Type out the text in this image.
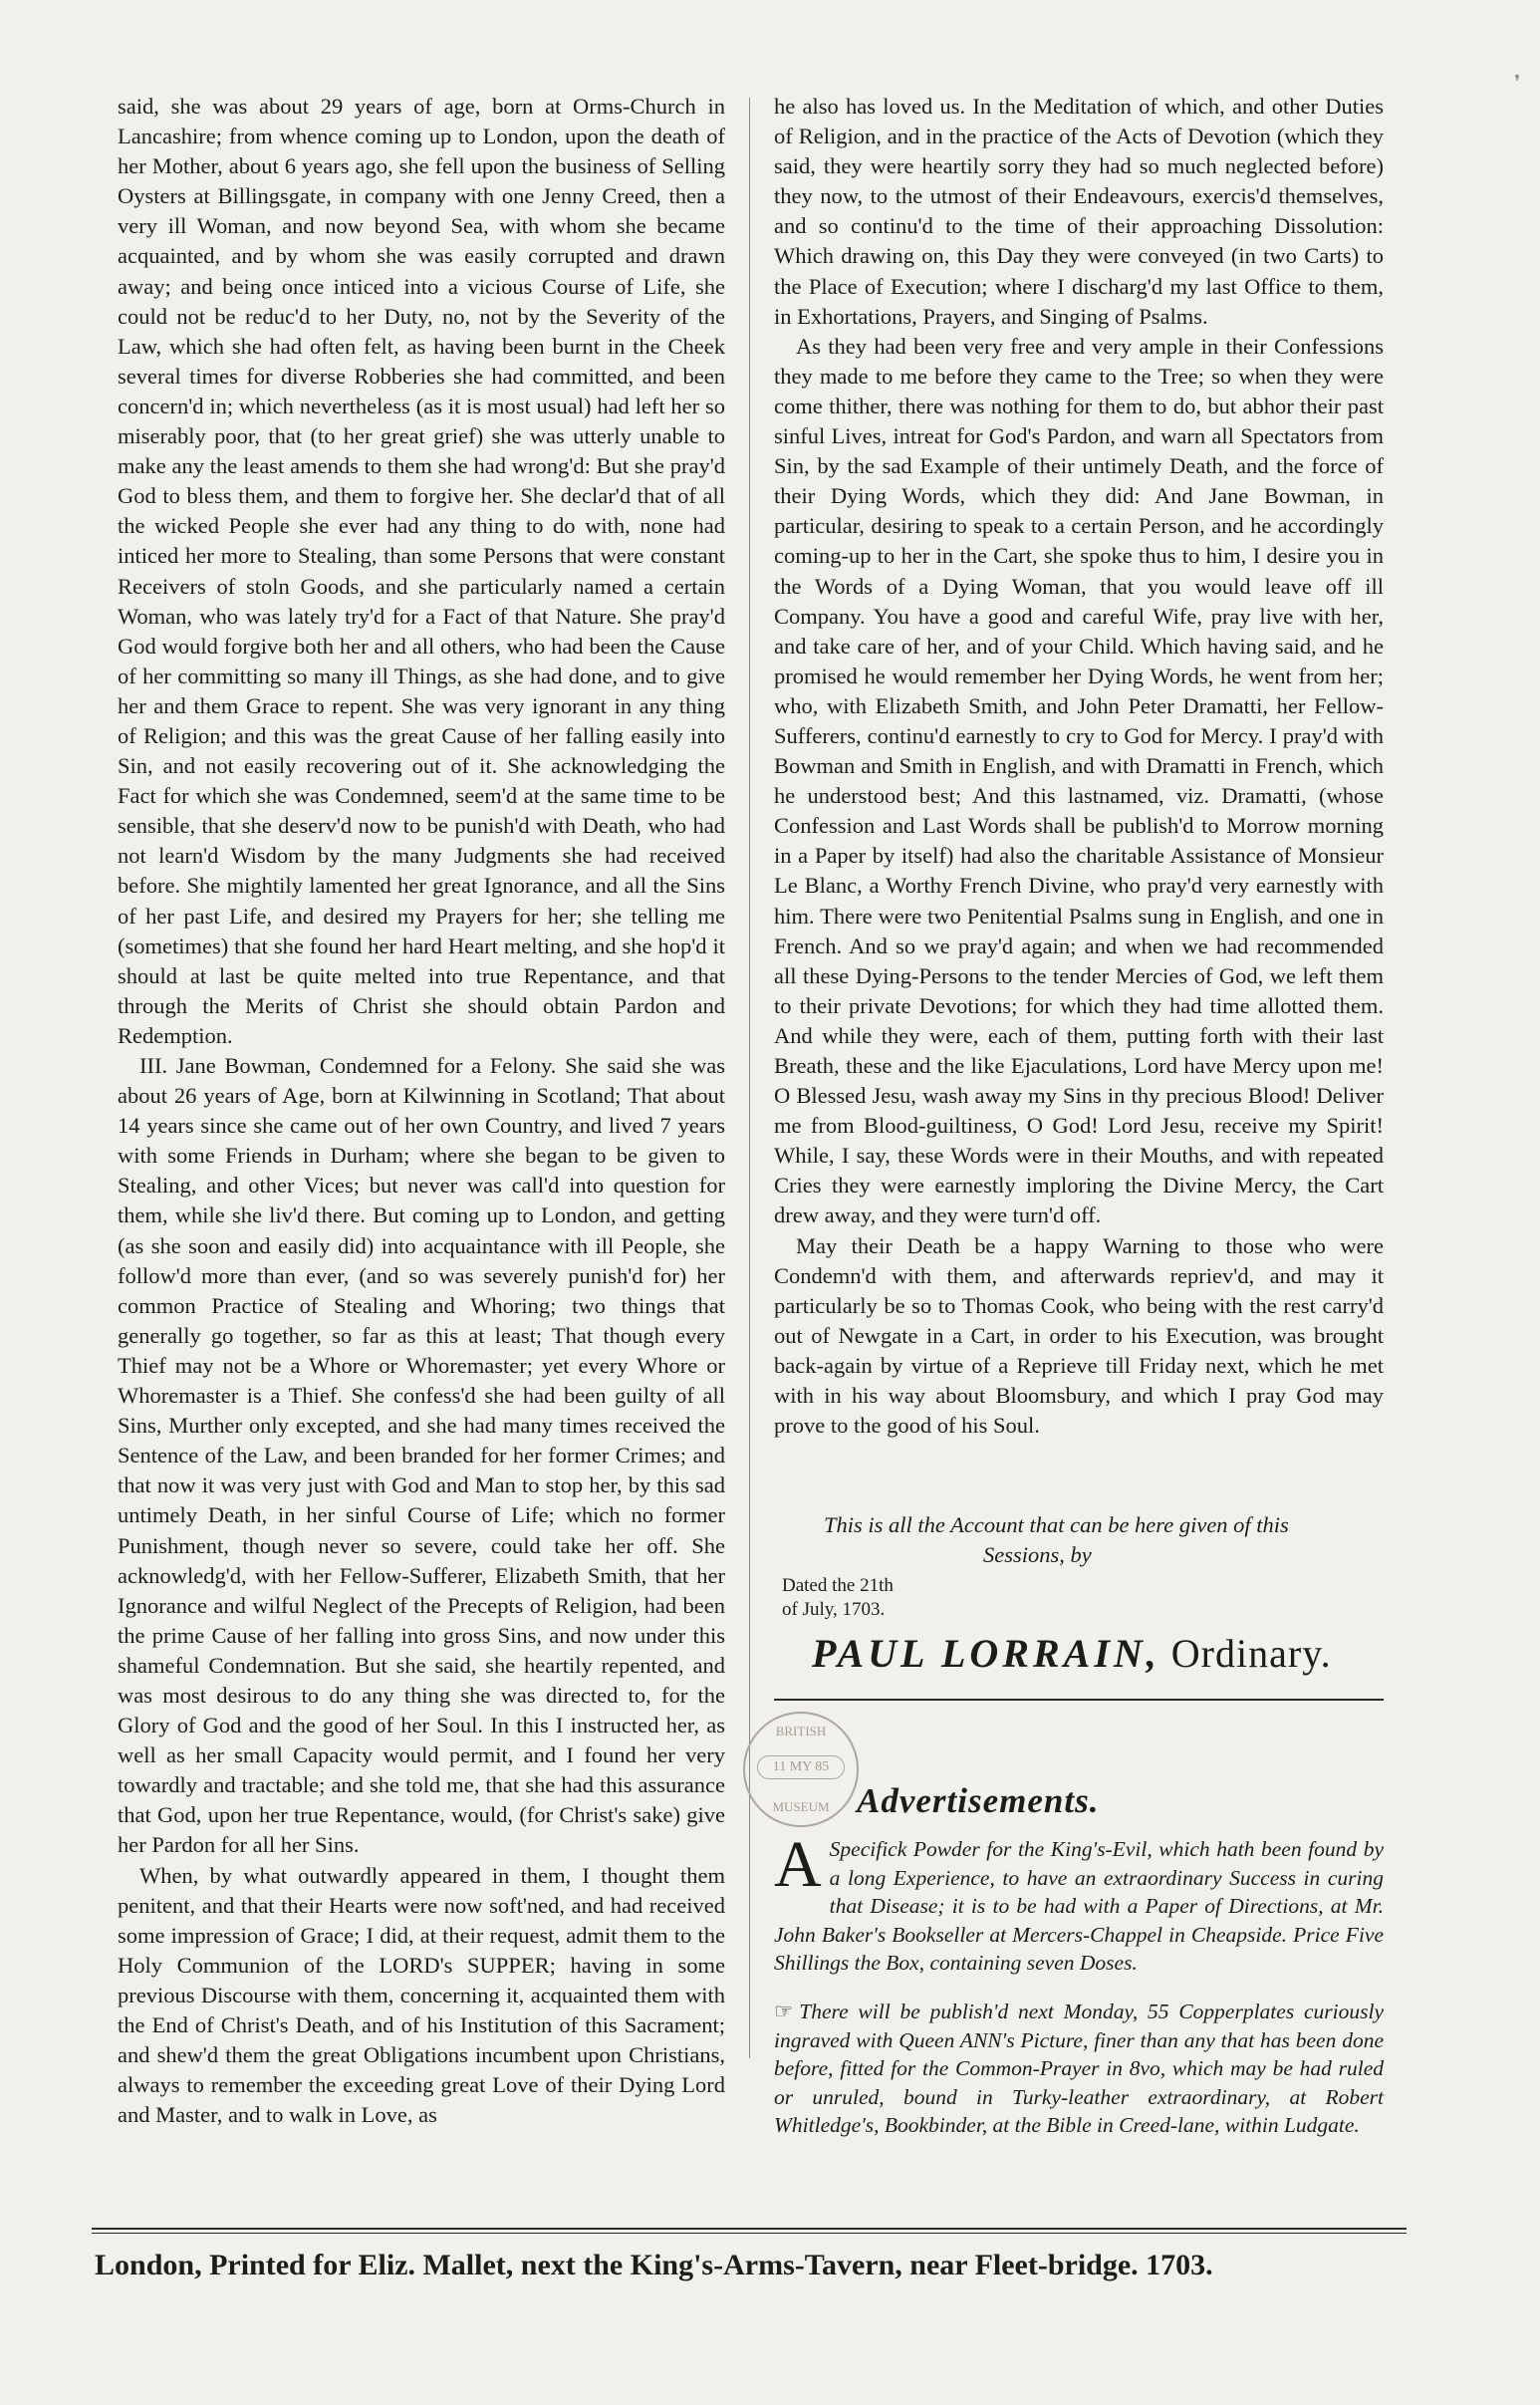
❜

said, she was about 29 years of age, born at Orms-Church in Lancashire; from whence coming up to London, upon the death of her Mother, about 6 years ago, she fell upon the business of Selling Oysters at Billingsgate, in company with one Jenny Creed, then a very ill Woman, and now beyond Sea, with whom she became acquainted, and by whom she was easily corrupted and drawn away; and being once inticed into a vicious Course of Life, she could not be reduc'd to her Duty, no, not by the Severity of the Law, which she had often felt, as having been burnt in the Cheek several times for diverse Robberies she had committed, and been concern'd in; which nevertheless (as it is most usual) had left her so miserably poor, that (to her great grief) she was utterly unable to make any the least amends to them she had wrong'd: But she pray'd God to bless them, and them to forgive her. She declar'd that of all the wicked People she ever had any thing to do with, none had inticed her more to Stealing, than some Persons that were constant Receivers of stoln Goods, and she particularly named a certain Woman, who was lately try'd for a Fact of that Nature. She pray'd God would forgive both her and all others, who had been the Cause of her committing so many ill Things, as she had done, and to give her and them Grace to repent. She was very ignorant in any thing of Religion; and this was the great Cause of her falling easily into Sin, and not easily recovering out of it. She acknowledging the Fact for which she was Condemned, seem'd at the same time to be sensible, that she deserv'd now to be punish'd with Death, who had not learn'd Wisdom by the many Judgments she had received before. She mightily lamented her great Ignorance, and all the Sins of her past Life, and desired my Prayers for her; she telling me (sometimes) that she found her hard Heart melting, and she hop'd it should at last be quite melted into true Repentance, and that through the Merits of Christ she should obtain Pardon and Redemption.

III. Jane Bowman, Condemned for a Felony. She said she was about 26 years of Age, born at Kilwinning in Scotland; That about 14 years since she came out of her own Country, and lived 7 years with some Friends in Durham; where she began to be given to Stealing, and other Vices; but never was call'd into question for them, while she liv'd there. But coming up to London, and getting (as she soon and easily did) into acquaintance with ill People, she follow'd more than ever, (and so was severely punish'd for) her common Practice of Stealing and Whoring; two things that generally go together, so far as this at least; That though every Thief may not be a Whore or Whoremaster; yet every Whore or Whoremaster is a Thief. She confess'd she had been guilty of all Sins, Murther only excepted, and she had many times received the Sentence of the Law, and been branded for her former Crimes; and that now it was very just with God and Man to stop her, by this sad untimely Death, in her sinful Course of Life; which no former Punishment, though never so severe, could take her off. She acknowledg'd, with her Fellow-Sufferer, Elizabeth Smith, that her Ignorance and wilful Neglect of the Precepts of Religion, had been the prime Cause of her falling into gross Sins, and now under this shameful Condemnation. But she said, she heartily repented, and was most desirous to do any thing she was directed to, for the Glory of God and the good of her Soul. In this I instructed her, as well as her small Capacity would permit, and I found her very towardly and tractable; and she told me, that she had this assurance that God, upon her true Repentance, would, (for Christ's sake) give her Pardon for all her Sins.

When, by what outwardly appeared in them, I thought them penitent, and that their Hearts were now soft'ned, and had received some impression of Grace; I did, at their request, admit them to the Holy Communion of the LORD's SUPPER; having in some previous Discourse with them, concerning it, acquainted them with the End of Christ's Death, and of his Institution of this Sacrament; and shew'd them the great Obligations incumbent upon Christians, always to remember the exceeding great Love of their Dying Lord and Master, and to walk in Love, as

he also has loved us. In the Meditation of which, and other Duties of Religion, and in the practice of the Acts of Devotion (which they said, they were heartily sorry they had so much neglected before) they now, to the utmost of their Endeavours, exercis'd themselves, and so continu'd to the time of their approaching Dissolution: Which drawing on, this Day they were conveyed (in two Carts) to the Place of Execution; where I discharg'd my last Office to them, in Exhortations, Prayers, and Singing of Psalms.

As they had been very free and very ample in their Confessions they made to me before they came to the Tree; so when they were come thither, there was nothing for them to do, but abhor their past sinful Lives, intreat for God's Pardon, and warn all Spectators from Sin, by the sad Example of their untimely Death, and the force of their Dying Words, which they did: And Jane Bowman, in particular, desiring to speak to a certain Person, and he accordingly coming-up to her in the Cart, she spoke thus to him, I desire you in the Words of a Dying Woman, that you would leave off ill Company. You have a good and careful Wife, pray live with her, and take care of her, and of your Child. Which having said, and he promised he would remember her Dying Words, he went from her; who, with Elizabeth Smith, and John Peter Dramatti, her Fellow-Sufferers, continu'd earnestly to cry to God for Mercy. I pray'd with Bowman and Smith in English, and with Dramatti in French, which he understood best; And this lastnamed, viz. Dramatti, (whose Confession and Last Words shall be publish'd to Morrow morning in a Paper by itself) had also the charitable Assistance of Monsieur Le Blanc, a Worthy French Divine, who pray'd very earnestly with him. There were two Penitential Psalms sung in English, and one in French. And so we pray'd again; and when we had recommended all these Dying-Persons to the tender Mercies of God, we left them to their private Devotions; for which they had time allotted them. And while they were, each of them, putting forth with their last Breath, these and the like Ejaculations, Lord have Mercy upon me! O Blessed Jesu, wash away my Sins in thy precious Blood! Deliver me from Blood-guiltiness, O God! Lord Jesu, receive my Spirit! While, I say, these Words were in their Mouths, and with repeated Cries they were earnestly imploring the Divine Mercy, the Cart drew away, and they were turn'd off.

May their Death be a happy Warning to those who were Condemn'd with them, and afterwards repriev'd, and may it particularly be so to Thomas Cook, who being with the rest carry'd out of Newgate in a Cart, in order to his Execution, was brought back-again by virtue of a Reprieve till Friday next, which he met with in his way about Bloomsbury, and which I pray God may prove to the good of his Soul.

This is all the Account that can be here given of this
Sessions, by

Dated the 21th
of July, 1703.
PAUL LORRAIN, Ordinary.
BRITISH
11 MY 85
MUSEUM Advertisements.
A Specifick Powder for the King's-Evil, which hath been found by a long Experience, to have an extraordinary Success in curing that Disease; it is to be had with a Paper of Directions, at Mr. John Baker's Bookseller at Mercers-Chappel in Cheapside. Price Five Shillings the Box, containing seven Doses.
☞ There will be publish'd next Monday, 55 Copperplates curiously ingraved with Queen ANN's Picture, finer than any that has been done before, fitted for the Common-Prayer in 8vo, which may be had ruled or unruled, bound in Turky-leather extraordinary, at Robert Whitledge's, Bookbinder, at the Bible in Creed-lane, within Ludgate.
London, Printed for Eliz. Mallet, next the King's-Arms-Tavern, near Fleet-bridge. 1703.
